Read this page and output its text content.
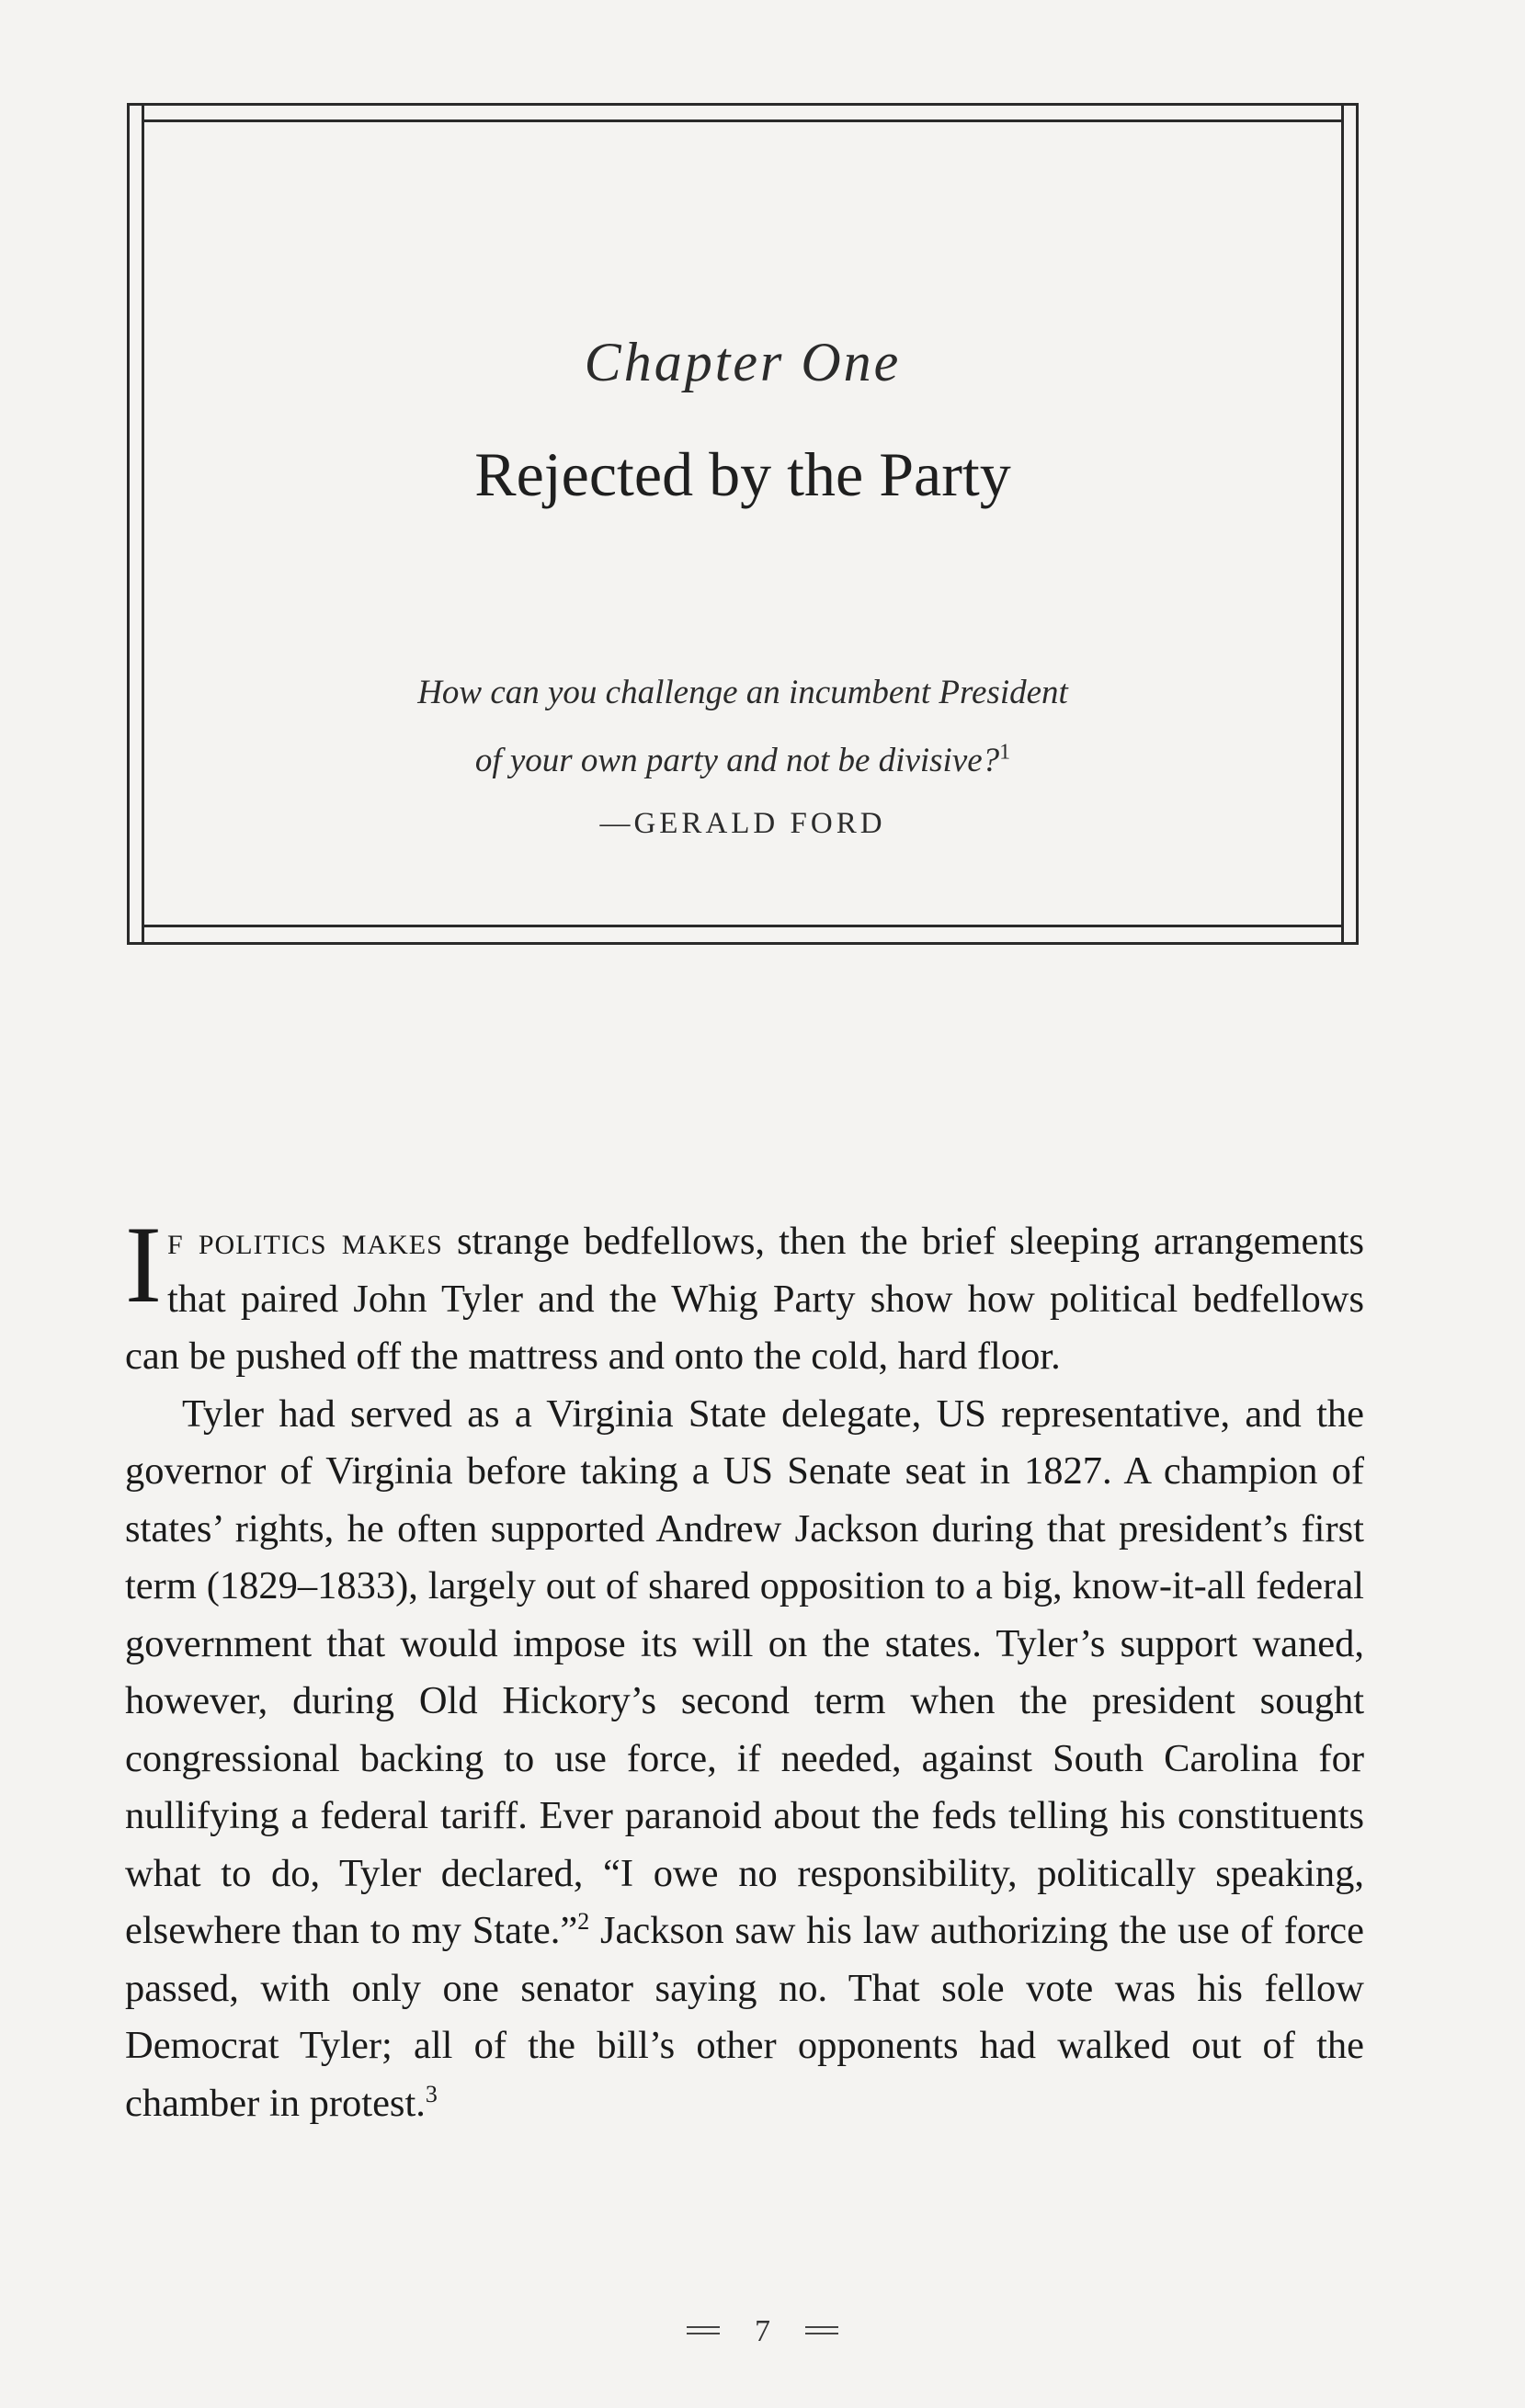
Chapter One
Rejected by the Party
How can you challenge an incumbent President
of your own party and not be divisive?$^1$
—GERALD FORD

If politics makes strange bedfellows, then the brief sleeping arrangements that paired John Tyler and the Whig Party show how political bedfellows can be pushed off the mattress and onto the cold, hard floor.

Tyler had served as a Virginia State delegate, US representative, and the governor of Virginia before taking a US Senate seat in 1827. A champion of states’ rights, he often supported Andrew Jackson during that president’s first term (1829–1833), largely out of shared opposition to a big, know-it-all federal government that would impose its will on the states. Tyler’s support waned, however, during Old Hickory’s second term when the president sought congressional backing to use force, if needed, against South Carolina for nullifying a federal tariff. Ever paranoid about the feds telling his constituents what to do, Tyler declared, “I owe no responsibility, politically speaking, elsewhere than to my State.”$^2$ Jackson saw his law authorizing the use of force passed, with only one senator saying no. That sole vote was his fellow Democrat Tyler; all of the bill’s other opponents had walked out of the chamber in protest.$^3$

7
